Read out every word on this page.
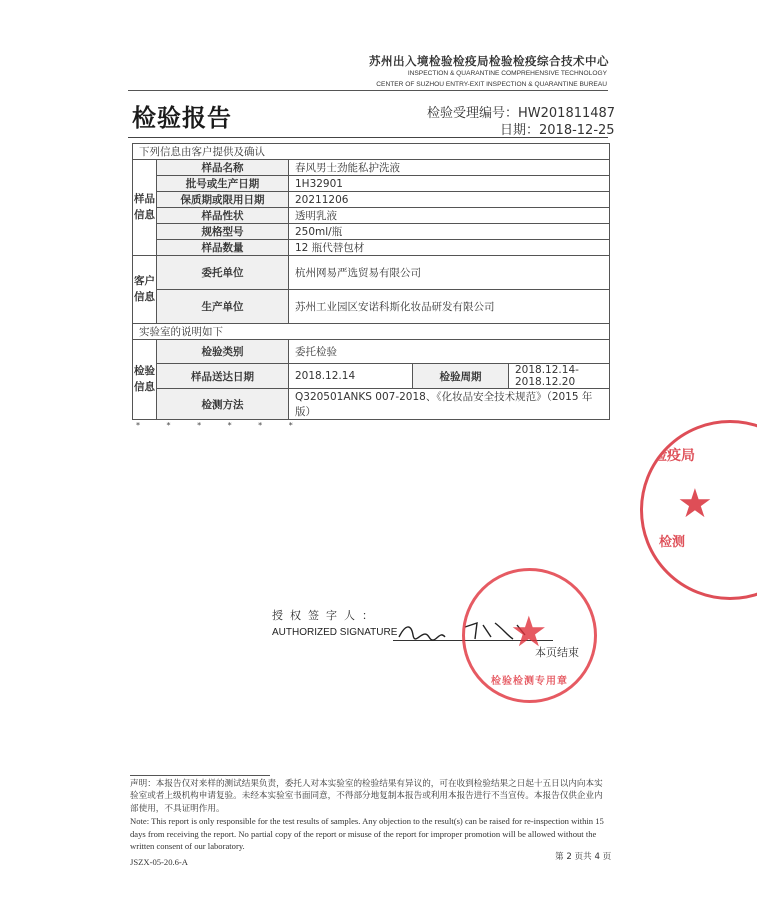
苏州出入境检验检疫局检验检疫综合技术中心
INSPECTION & QUARANTINE COMPREHENSIVE TECHNOLOGY
CENTER OF SUZHOU ENTRY-EXIT INSPECTION & QUARANTINE BUREAU
检验报告	检验受理编号：HW201811487
日期：2018-12-25
下列信息由客户提供及确认				
样品信息	样品名称	春风男士劲能私护洗液		
	批号或生产日期	1H32901		
	保质期或限用日期	20211206		
	样品性状	透明乳液		
	规格型号	250ml/瓶		
	样品数量	12 瓶代替包材		
客户信息	委托单位	杭州网易严选贸易有限公司		
	生产单位	苏州工业园区安诺科斯化妆品研发有限公司		
实验室的说明如下				
检验信息	检验类别	委托检验		
	样品送达日期	2018.12.14	检验周期	2018.12.14-2018.12.20
	检测方法	Q320501ANKS 007-2018、《化妆品安全技术规范》（2015 年版）		
* * * * * *
检疫局
★
检测
授权签字人：
AUTHORIZED SIGNATURE	★
检验检测专用章
本页结束
声明：本报告仅对来样的测试结果负责，委托人对本实验室的检验结果有异议的，可在收到检验结果之日起十五日以内向本实验室或者上级机构申请复验。未经本实验室书面同意，不得部分地复制本报告或利用本报告进行不当宣传。本报告仅供企业内部使用，不具证明作用。
Note: This report is only responsible for the test results of samples. Any objection to the result(s) can be raised for re-inspection within 15 days from receiving the report. No partial copy of the report or misuse of the report for improper promotion will be allowed without the written consent of our laboratory.
JSZX-05-20.6-A	第 2 页共 4 页
